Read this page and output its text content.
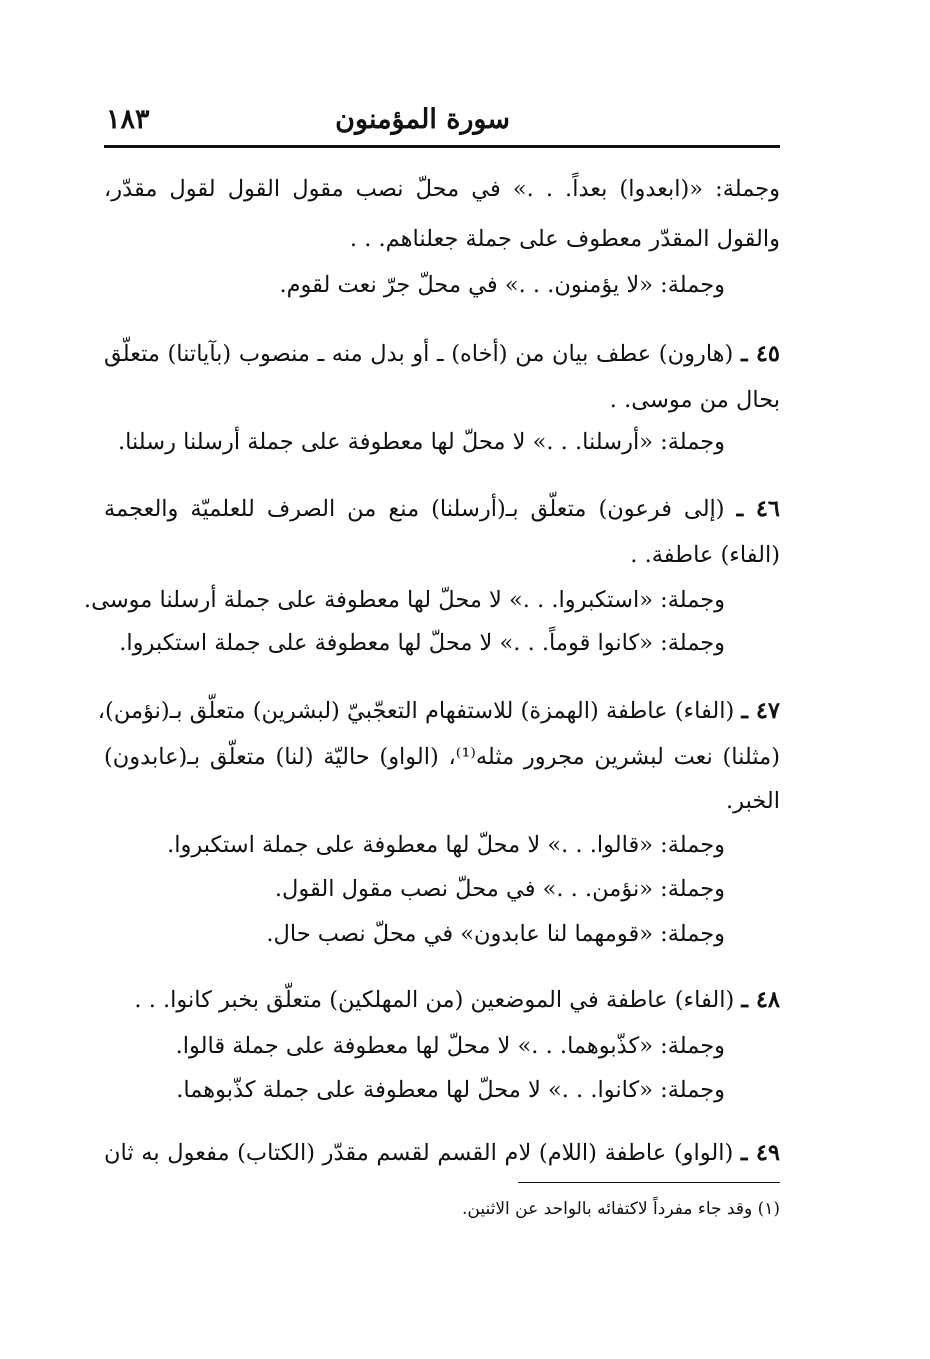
سورة المؤمنون
١٨٣
وجملة: «(ابعدوا) بعداً. . .» في محلّ نصب مقول القول لقول مقدّر،
والقول المقدّر معطوف على جملة جعلناهم. . .
وجملة: «لا يؤمنون. . .» في محلّ جرّ نعت لقوم.
٤٥ ـ (هارون) عطف بيان من (أخاه) ـ أو بدل منه ـ منصوب (بآياتنا) متعلّق
بحال من موسى. .
وجملة: «أرسلنا. . .» لا محلّ لها معطوفة على جملة أرسلنا رسلنا.
٤٦ ـ (إلى فرعون) متعلّق بـ(أرسلنا) منع من الصرف للعلميّة والعجمة
(الفاء) عاطفة. .
وجملة: «استكبروا. . .» لا محلّ لها معطوفة على جملة أرسلنا موسى.
وجملة: «كانوا قوماً. . .» لا محلّ لها معطوفة على جملة استكبروا.
٤٧ ـ (الفاء) عاطفة (الهمزة) للاستفهام التعجّبيّ (لبشرين) متعلّق بـ(نؤمن)،
(مثلنا) نعت لبشرين مجرور مثله⁽¹⁾، (الواو) حاليّة (لنا) متعلّق بـ(عابدون)
الخبر.
وجملة: «قالوا. . .» لا محلّ لها معطوفة على جملة استكبروا.
وجملة: «نؤمن. . .» في محلّ نصب مقول القول.
وجملة: «قومهما لنا عابدون» في محلّ نصب حال.
٤٨ ـ (الفاء) عاطفة في الموضعين (من المهلكين) متعلّق بخبر كانوا. . .
وجملة: «كذّبوهما. . .» لا محلّ لها معطوفة على جملة قالوا.
وجملة: «كانوا. . .» لا محلّ لها معطوفة على جملة كذّبوهما.
٤٩ ـ (الواو) عاطفة (اللام) لام القسم لقسم مقدّر (الكتاب) مفعول به ثان
(١) وقد جاء مفرداً لاكتفائه بالواحد عن الاثنين.
